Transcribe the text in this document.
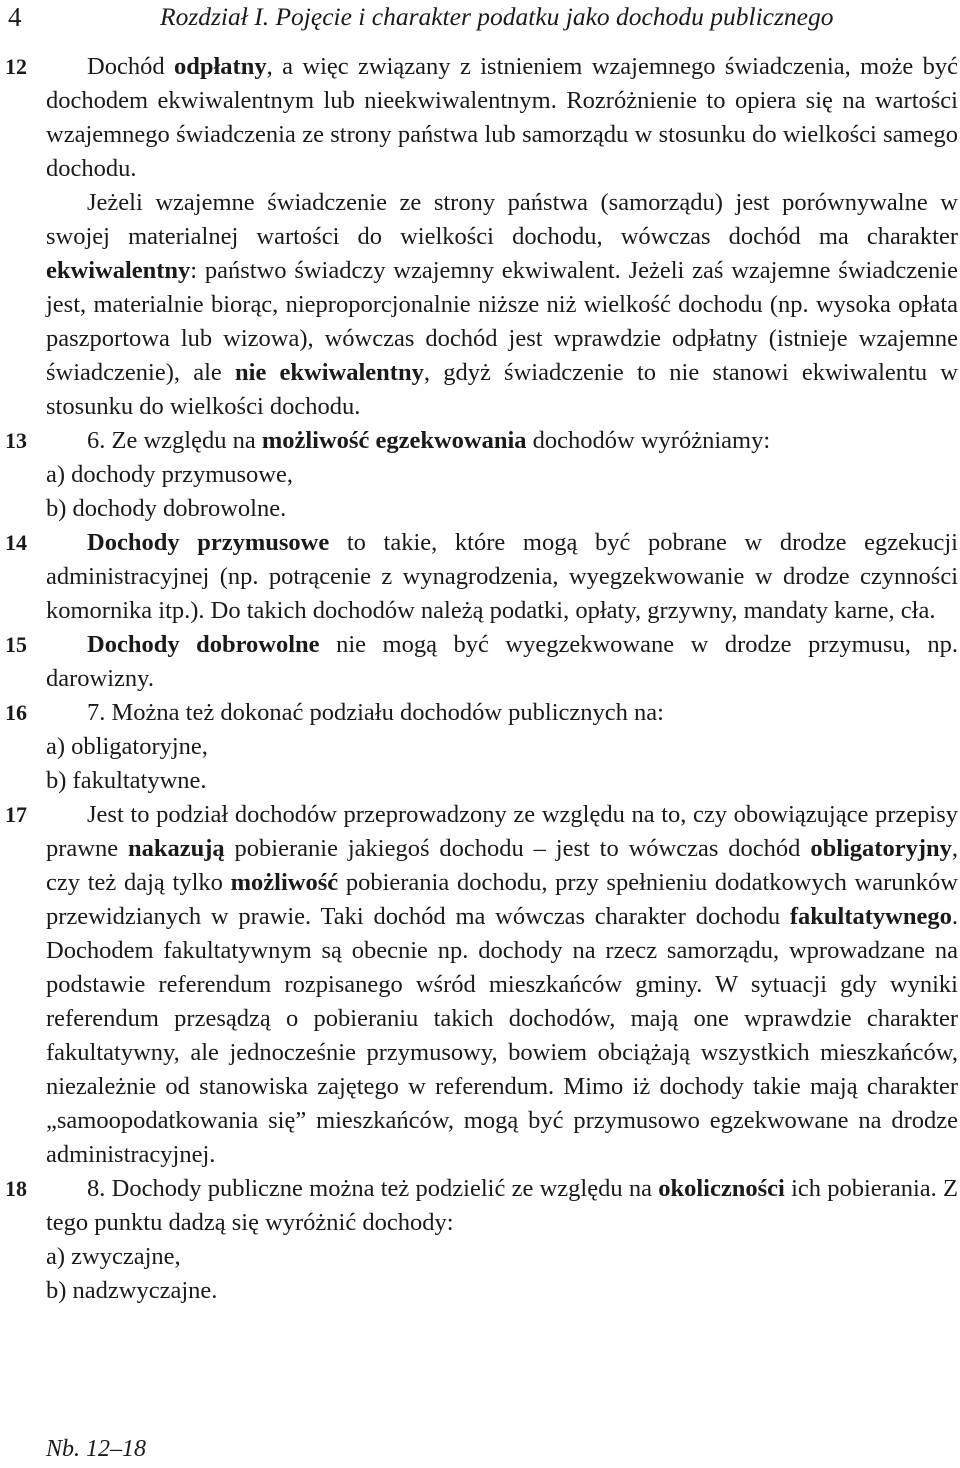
4	Rozdział I. Pojęcie i charakter podatku jako dochodu publicznego

12	Dochód odpłatny, a więc związany z istnieniem wzajemnego świadczenia, może być dochodem ekwiwalentnym lub nieekwiwalentnym. Rozróżnienie to opiera się na wartości wzajemnego świadczenia ze strony państwa lub samorządu w stosunku do wielkości samego dochodu.

Jeżeli wzajemne świadczenie ze strony państwa (samorządu) jest porównywalne w swojej materialnej wartości do wielkości dochodu, wówczas dochód ma charakter ekwiwalentny: państwo świadczy wzajemny ekwiwalent. Jeżeli zaś wzajemne świadczenie jest, materialnie biorąc, nieproporcjonalnie niższe niż wielkość dochodu (np. wysoka opłata paszportowa lub wizowa), wówczas dochód jest wprawdzie odpłatny (istnieje wzajemne świadczenie), ale nie ekwiwalentny, gdyż świadczenie to nie stanowi ekwiwalentu w stosunku do wielkości dochodu.

13	6. Ze względu na możliwość egzekwowania dochodów wyróżniamy:

a) dochody przymusowe,

b) dochody dobrowolne.

14	Dochody przymusowe to takie, które mogą być pobrane w drodze egzekucji administracyjnej (np. potrącenie z wynagrodzenia, wyegzekwowanie w drodze czynności komornika itp.). Do takich dochodów należą podatki, opłaty, grzywny, mandaty karne, cła.

15	Dochody dobrowolne nie mogą być wyegzekwowane w drodze przymusu, np. darowizny.

16	7. Można też dokonać podziału dochodów publicznych na:

a) obligatoryjne,

b) fakultatywne.

17	Jest to podział dochodów przeprowadzony ze względu na to, czy obowiązujące przepisy prawne nakazują pobieranie jakiegoś dochodu – jest to wówczas dochód obligatoryjny, czy też dają tylko możliwość pobierania dochodu, przy spełnieniu dodatkowych warunków przewidzianych w prawie. Taki dochód ma wówczas charakter dochodu fakultatywnego. Dochodem fakultatywnym są obecnie np. dochody na rzecz samorządu, wprowadzane na podstawie referendum rozpisanego wśród mieszkańców gminy. W sytuacji gdy wyniki referendum przesądzą o pobieraniu takich dochodów, mają one wprawdzie charakter fakultatywny, ale jednocześnie przymusowy, bowiem obciążają wszystkich mieszkańców, niezależnie od stanowiska zajętego w referendum. Mimo iż dochody takie mają charakter „samoopodatkowania się” mieszkańców, mogą być przymusowo egzekwowane na drodze administracyjnej.

18	8. Dochody publiczne można też podzielić ze względu na okoliczności ich pobierania. Z tego punktu dadzą się wyróżnić dochody:

a) zwyczajne,

b) nadzwyczajne.

Nb. 12–18
